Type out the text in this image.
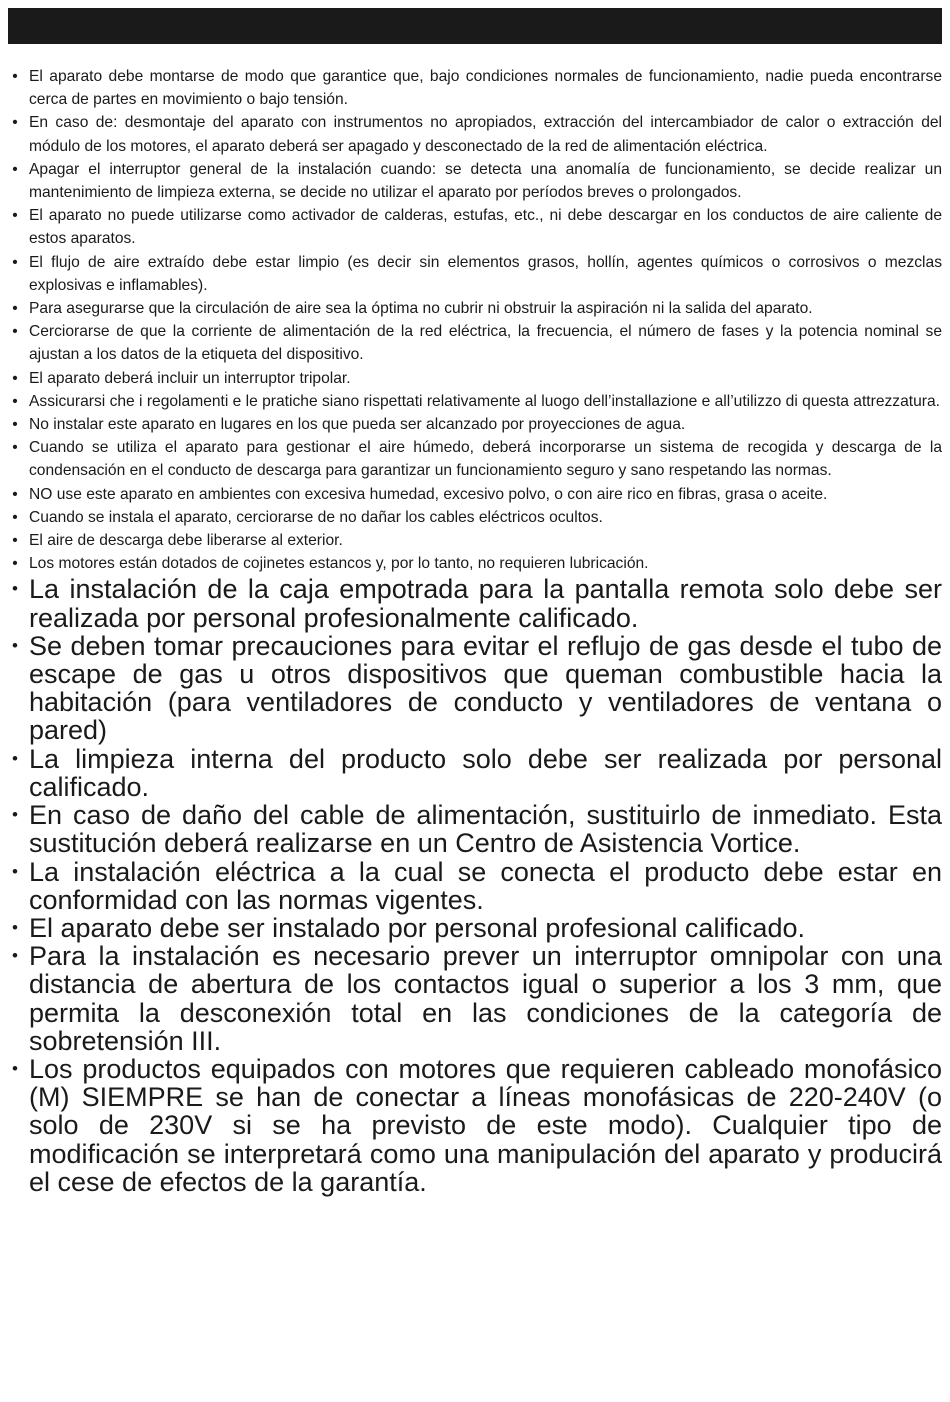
• El aparato debe montarse de modo que garantice que, bajo condiciones normales de funcionamiento, nadie pueda encontrarse cerca de partes en movimiento o bajo tensión.
• En caso de: desmontaje del aparato con instrumentos no apropiados, extracción del intercambiador de calor o extracción del módulo de los motores, el aparato deberá ser apagado y desconectado de la red de alimentación eléctrica.
• Apagar el interruptor general de la instalación cuando: se detecta una anomalía de funcionamiento, se decide realizar un mantenimiento de limpieza externa, se decide no utilizar el aparato por períodos breves o prolongados.
• El aparato no puede utilizarse como activador de calderas, estufas, etc., ni debe descargar en los conductos de aire caliente de estos aparatos.
• El flujo de aire extraído debe estar limpio (es decir sin elementos grasos, hollín, agentes químicos o corrosivos o mezclas explosivas e inflamables).
• Para asegurarse que la circulación de aire sea la óptima no cubrir ni obstruir la aspiración ni la salida del aparato.
• Cerciorarse de que la corriente de alimentación de la red eléctrica, la frecuencia, el número de fases y la potencia nominal se ajustan a los datos de la etiqueta del dispositivo.
• El aparato deberá incluir un interruptor tripolar.
• Assicurarsi che i regolamenti e le pratiche siano rispettati relativamente al luogo dell’installazione e all’utilizzo di questa attrezzatura.
• No instalar este aparato en lugares en los que pueda ser alcanzado por proyecciones de agua.
• Cuando se utiliza el aparato para gestionar el aire húmedo, deberá incorporarse un sistema de recogida y descarga de la condensación en el conducto de descarga para garantizar un funcionamiento seguro y sano respetando las normas.
• NO use este aparato en ambientes con excesiva humedad, excesivo polvo, o con aire rico en fibras, grasa o aceite.
• Cuando se instala el aparato, cerciorarse de no dañar los cables eléctricos ocultos.
• El aire de descarga debe liberarse al exterior.
• Los motores están dotados de cojinetes estancos y, por lo tanto, no requieren lubricación.
• La instalación de la caja empotrada para la pantalla remota solo debe ser realizada por personal profesionalmente calificado.
• Se deben tomar precauciones para evitar el reflujo de gas desde el tubo de escape de gas u otros dispositivos que queman combustible hacia la habitación (para ventiladores de conducto y ventiladores de ventana o pared)
• La limpieza interna del producto solo debe ser realizada por personal calificado.
• En caso de daño del cable de alimentación, sustituirlo de inmediato. Esta sustitución deberá realizarse en un Centro de Asistencia Vortice.
• La instalación eléctrica a la cual se conecta el producto debe estar en conformidad con las normas vigentes.
• El aparato debe ser instalado por personal profesional calificado.
• Para la instalación es necesario prever un interruptor omnipolar con una distancia de abertura de los contactos igual o superior a los 3 mm, que permita la desconexión total en las condiciones de la categoría de sobretensión III.
• Los productos equipados con motores que requieren cableado monofásico (M) SIEMPRE se han de conectar a líneas monofásicas de 220-240V (o solo de 230V si se ha previsto de este modo). Cualquier tipo de modificación se interpretará como una manipulación del aparato y producirá el cese de efectos de la garantía.
